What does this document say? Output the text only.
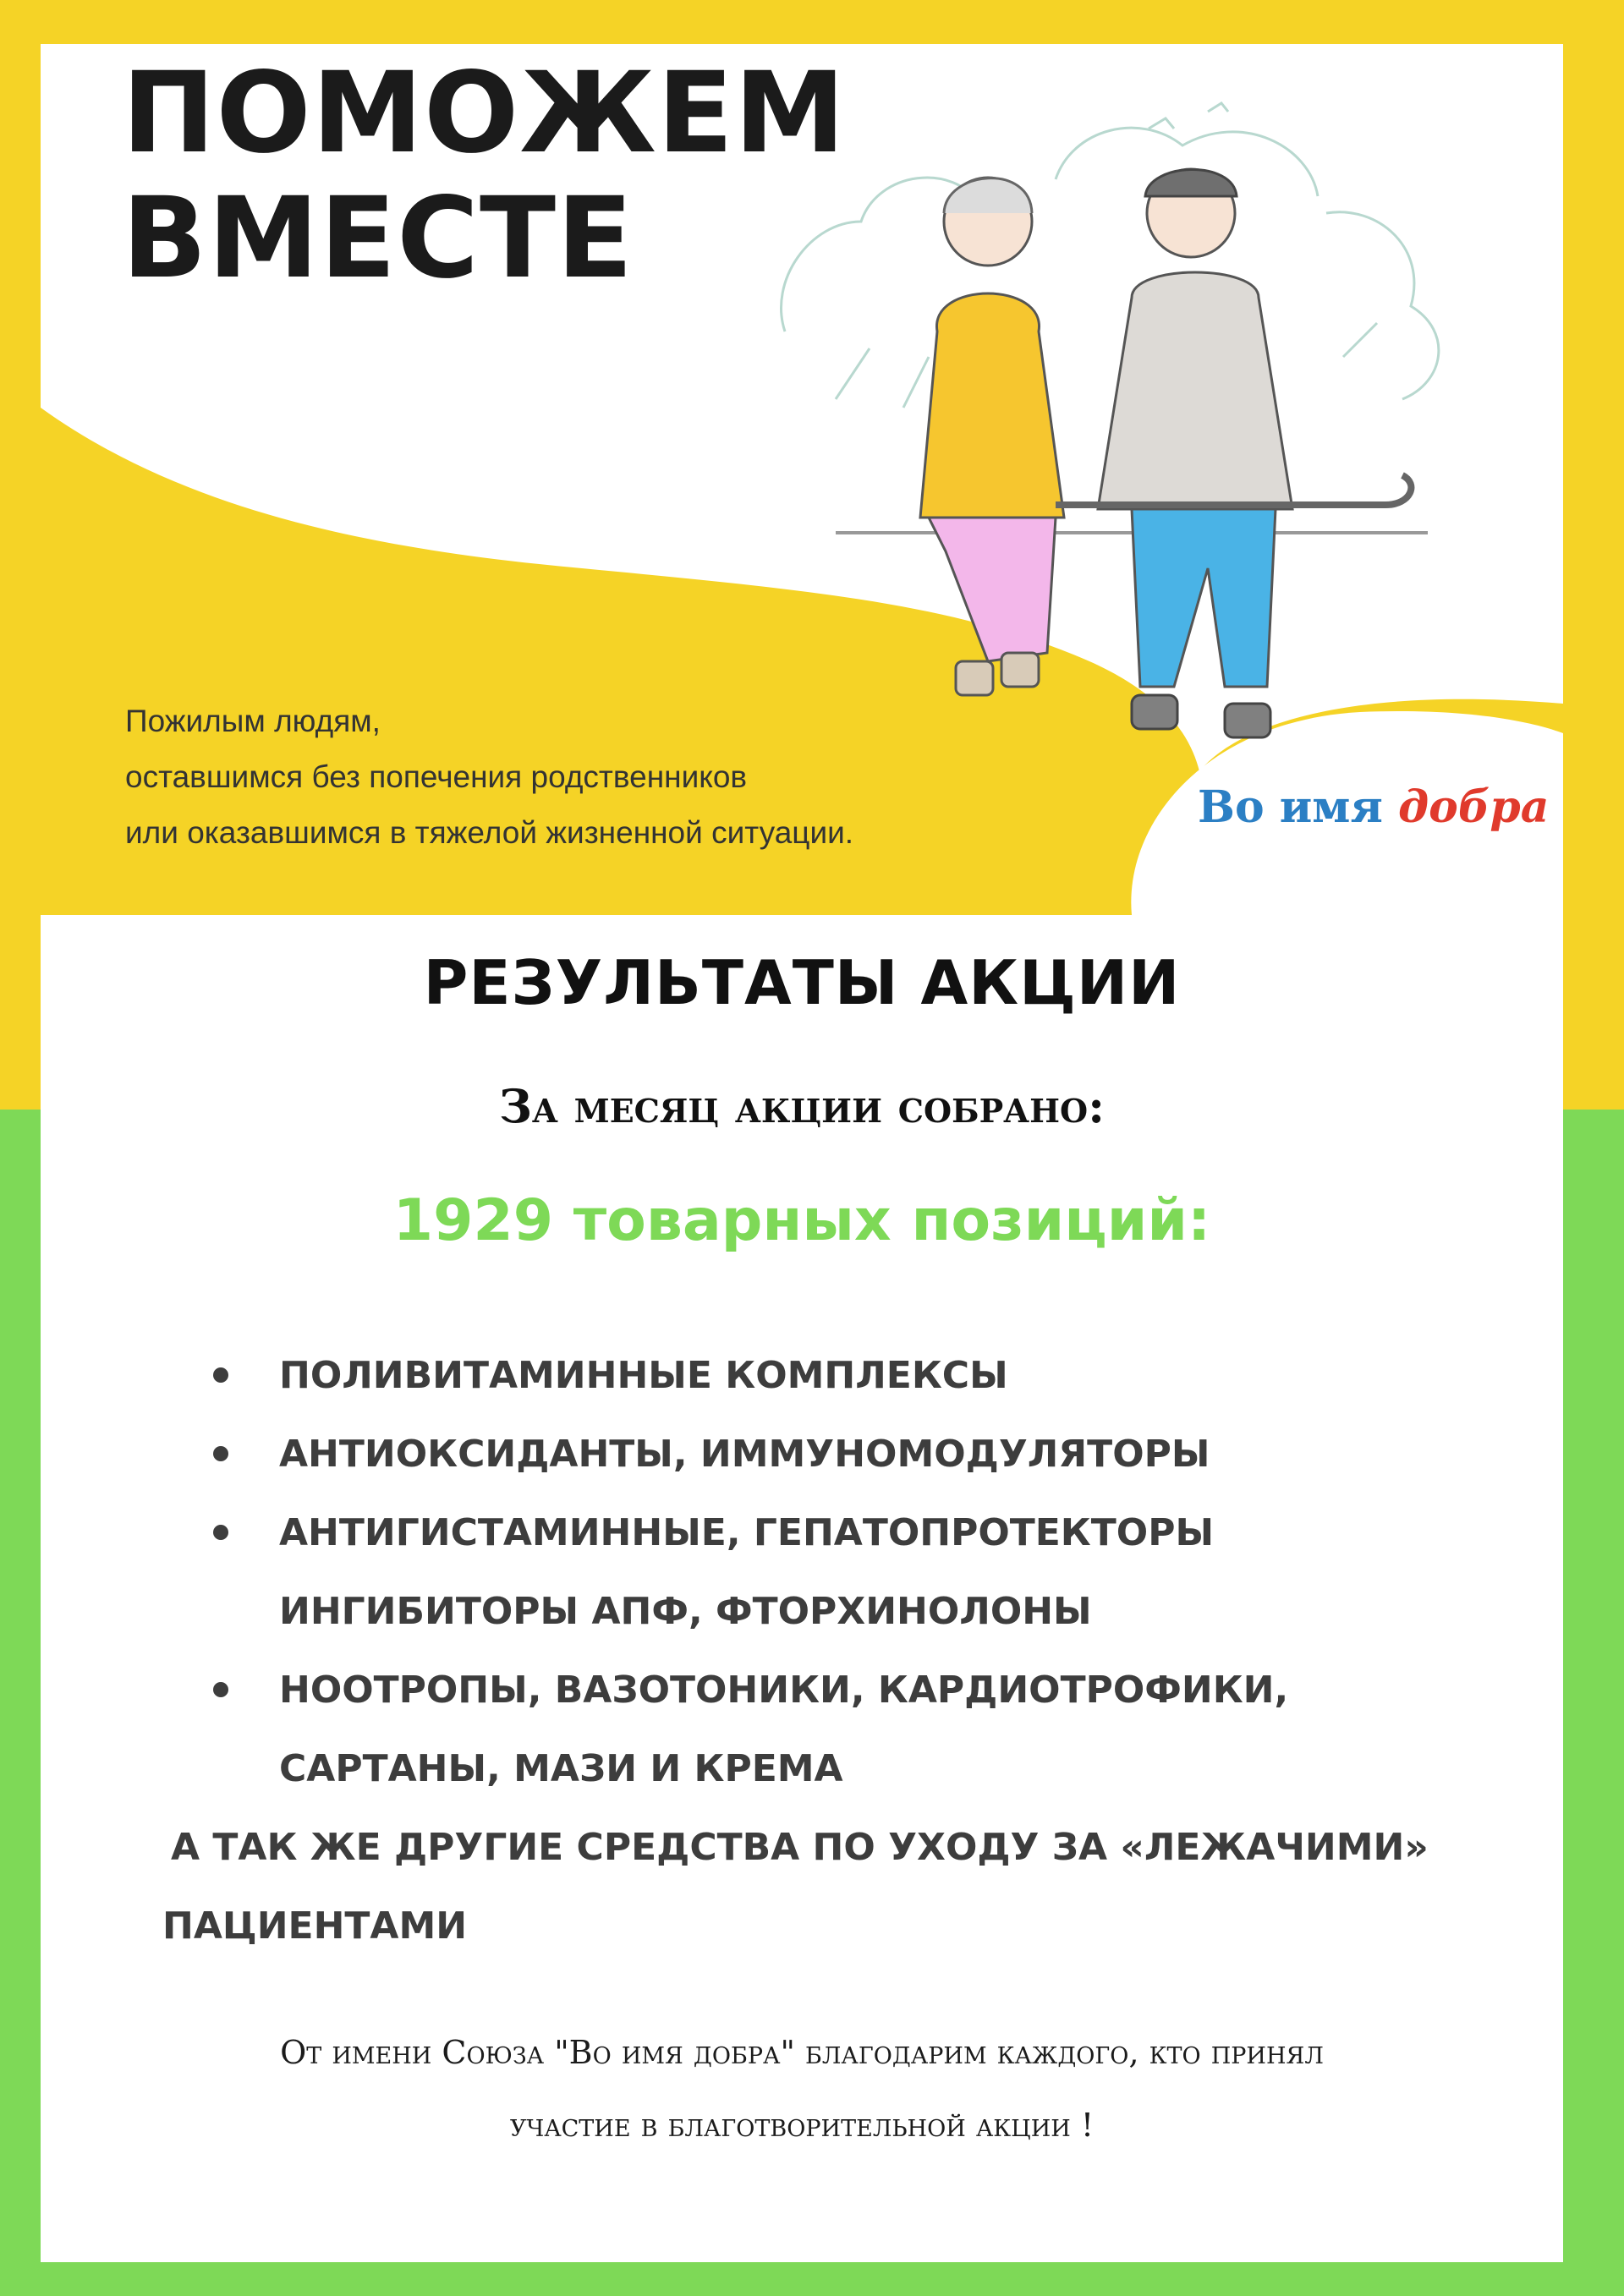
ПОМОЖЕМ
ВМЕСТЕ
Пожилым людям,
оставшимся без попечения родственников
или оказавшимся в тяжелой жизненной ситуации.	Во имя добра
РЕЗУЛЬТАТЫ АКЦИИ
За месяц акции собрано:
1929 товарных позиций:
ПОЛИВИТАМИННЫЕ КОМПЛЕКСЫ
АНТИОКСИДАНТЫ, ИММУНОМОДУЛЯТОРЫ
АНТИГИСТАМИННЫЕ, ГЕПАТОПРОТЕКТОРЫ
ИНГИБИТОРЫ АПФ, ФТОРХИНОЛОНЫ
НООТРОПЫ, ВАЗОТОНИКИ, КАРДИОТРОФИКИ,
САРТАНЫ, МАЗИ И КРЕМА
А ТАК ЖЕ ДРУГИЕ СРЕДСТВА ПО УХОДУ ЗА «ЛЕЖАЧИМИ»
ПАЦИЕНТАМИ
От имени Союза "Во имя добра" благодарим каждого, кто принял
участие в благотворительной акции !
